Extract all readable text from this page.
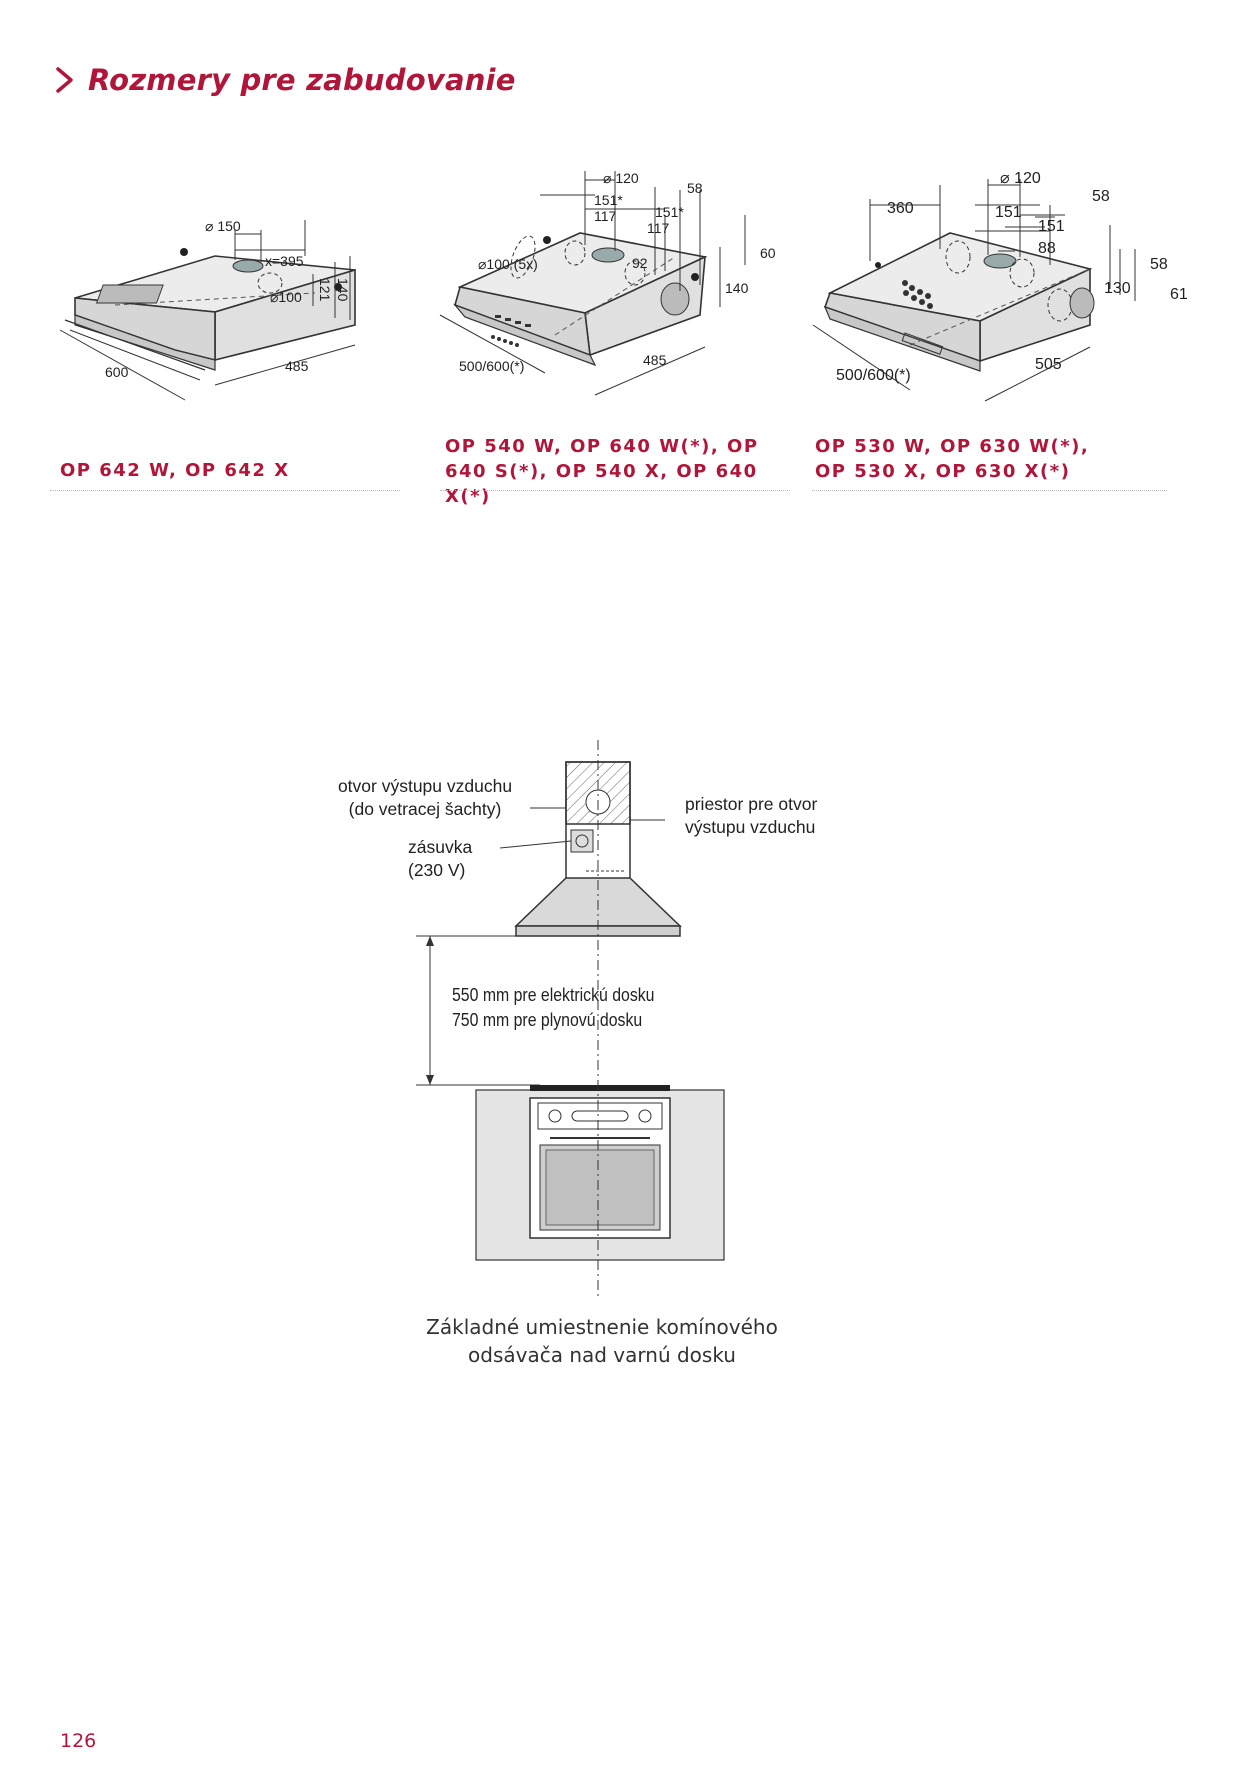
Rozmery pre zabudovanie
⌀ 150
x=395
⌀100 121 140
600	485
⌀ 120
151*
117	151*
117
58
⌀100 (5x)	92
60
140
500/600(*)	485
⌀ 120
360	151
151
58
88
58
130 61
500/600(*)
505
OP 642 W, OP 642 X
OP 540 W, OP 640 W(*), OP 640 S(*), OP 540 X, OP 640 X(*)
OP 530 W, OP 630 W(*), OP 530 X, OP 630 X(*)
otvor výstupu vzduchu
(do vetracej šachty)	priestor pre otvor
výstupu vzduchu
zásuvka
(230 V)
550 mm pre elektrickú dosku
750 mm pre plynovú dosku
Základné umiestnenie komínového
odsávača nad varnú dosku
126
